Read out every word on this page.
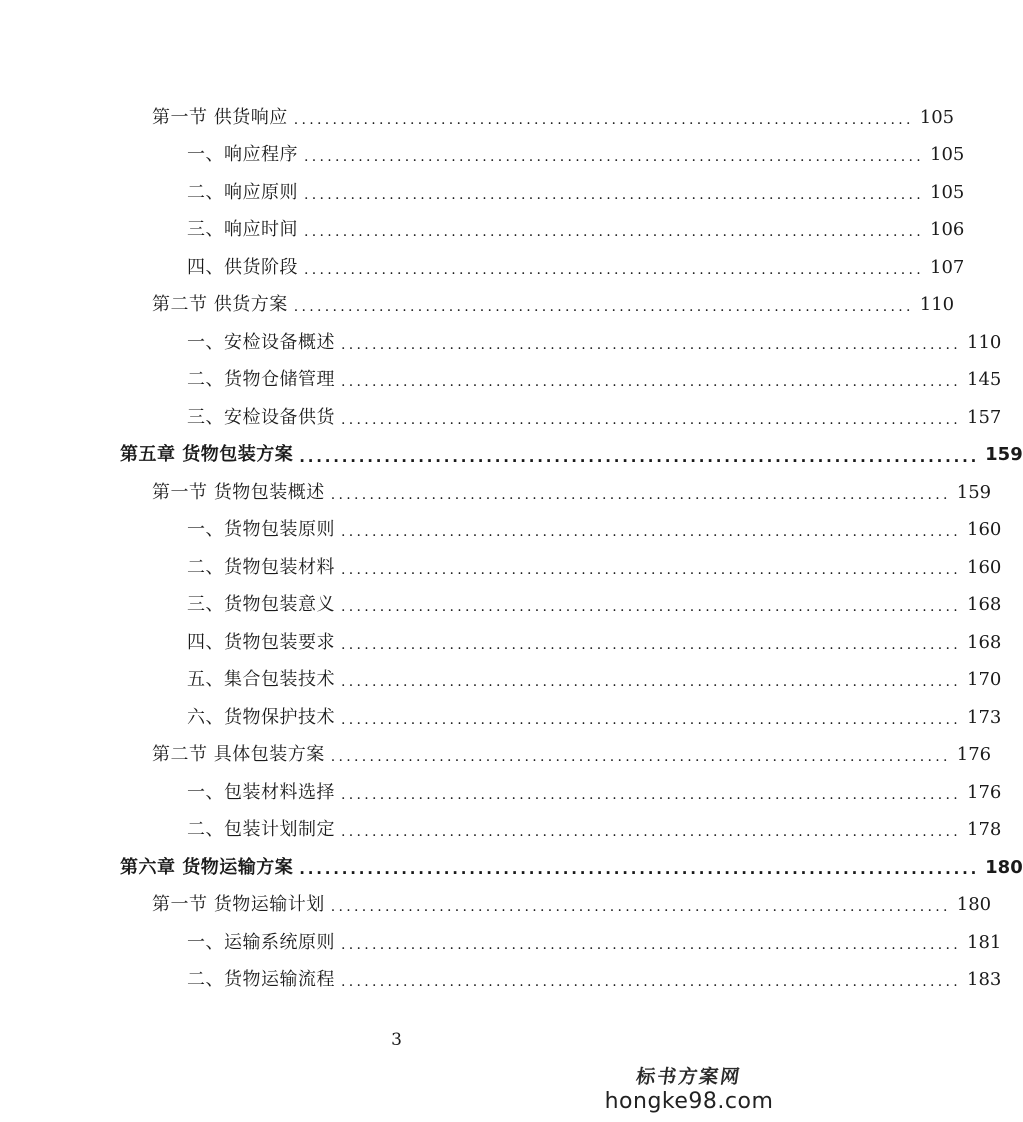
第一节 供货响应 ................................................................................ 105
一、响应程序 ................................................................................ 105
二、响应原则 ................................................................................ 105
三、响应时间 ................................................................................ 106
四、供货阶段 ................................................................................ 107
第二节 供货方案 ................................................................................ 110
一、安检设备概述 ................................................................................ 110
二、货物仓储管理 ................................................................................ 145
三、安检设备供货 ................................................................................ 157
第五章 货物包装方案 ................................................................................ 159
第一节 货物包装概述 ................................................................................ 159
一、货物包装原则 ................................................................................ 160
二、货物包装材料 ................................................................................ 160
三、货物包装意义 ................................................................................ 168
四、货物包装要求 ................................................................................ 168
五、集合包装技术 ................................................................................ 170
六、货物保护技术 ................................................................................ 173
第二节 具体包装方案 ................................................................................ 176
一、包装材料选择 ................................................................................ 176
二、包装计划制定 ................................................................................ 178
第六章 货物运输方案 ................................................................................ 180
第一节 货物运输计划 ................................................................................ 180
一、运输系统原则 ................................................................................ 181
二、货物运输流程 ................................................................................ 183
3
标书方案网
hongke98.com
